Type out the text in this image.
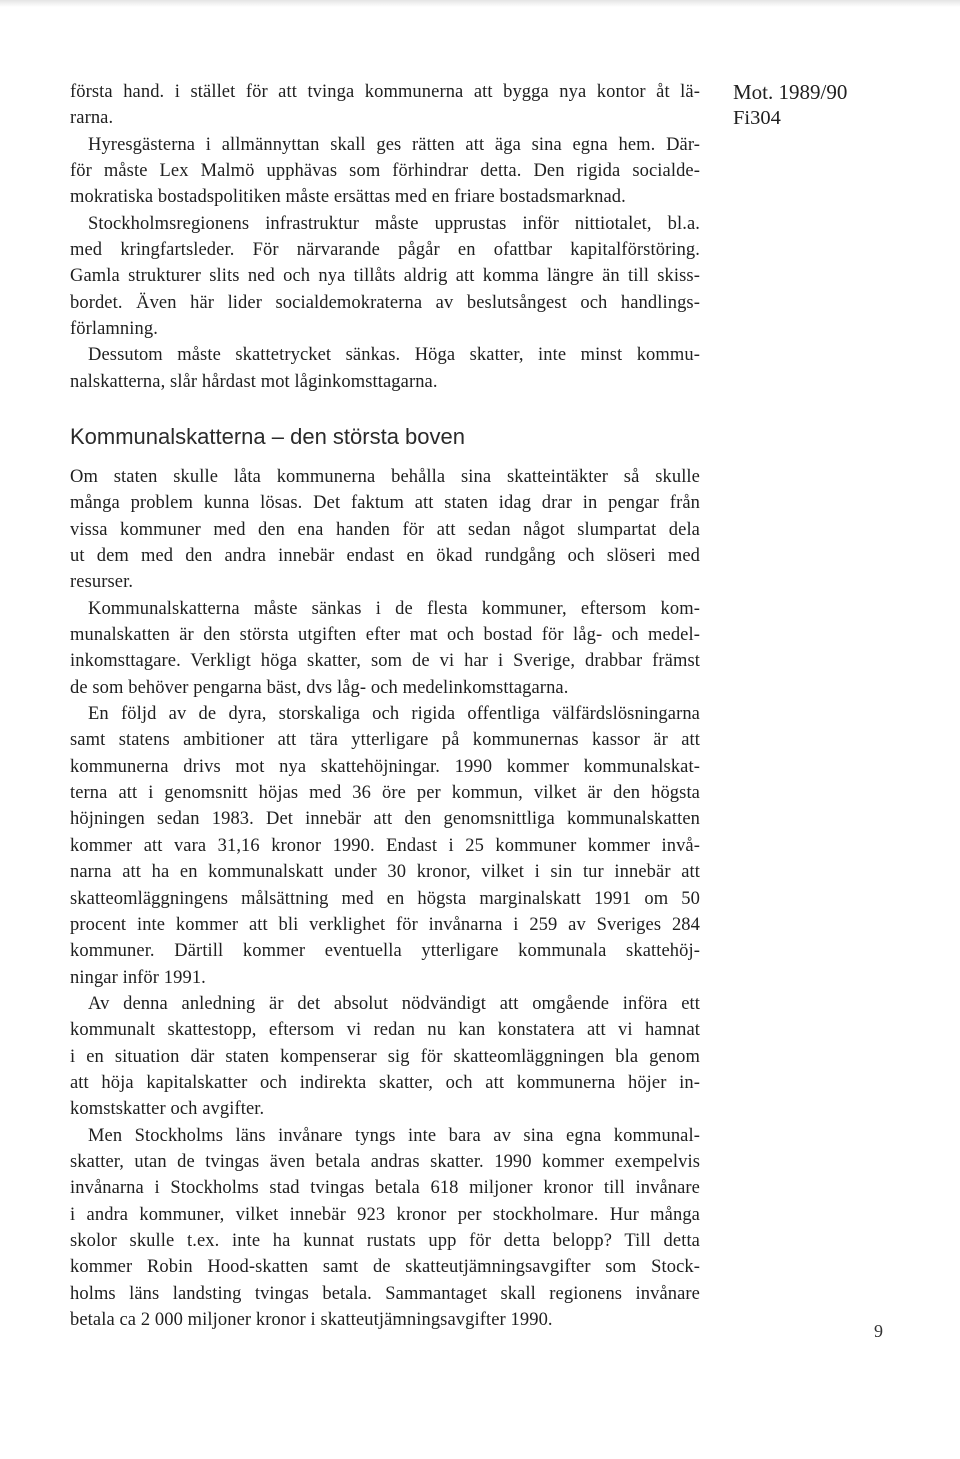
första hand. i stället för att tvinga kommunerna att bygga nya kontor åt lä-
rarna.
Hyresgästerna i allmännyttan skall ges rätten att äga sina egna hem. Där-
för måste Lex Malmö upphävas som förhindrar detta. Den rigida socialde-
mokratiska bostadspolitiken måste ersättas med en friare bostadsmarknad.
Stockholmsregionens infrastruktur måste upprustas inför nittiotalet, bl.a.
med kringfartsleder. För närvarande pågår en ofattbar kapitalförstöring.
Gamla strukturer slits ned och nya tillåts aldrig att komma längre än till skiss-
bordet. Även här lider socialdemokraterna av beslutsångest och handlings-
förlamning.
Dessutom måste skattetrycket sänkas. Höga skatter, inte minst kommu-
nalskatterna, slår hårdast mot låginkomsttagarna.
Kommunalskatterna – den största boven
Om staten skulle låta kommunerna behålla sina skatteintäkter så skulle
många problem kunna lösas. Det faktum att staten idag drar in pengar från
vissa kommuner med den ena handen för att sedan något slumpartat dela
ut dem med den andra innebär endast en ökad rundgång och slöseri med
resurser.
Kommunalskatterna måste sänkas i de flesta kommuner, eftersom kom-
munalskatten är den största utgiften efter mat och bostad för låg- och medel-
inkomsttagare. Verkligt höga skatter, som de vi har i Sverige, drabbar främst
de som behöver pengarna bäst, dvs låg- och medelinkomsttagarna.
En följd av de dyra, storskaliga och rigida offentliga välfärdslösningarna
samt statens ambitioner att tära ytterligare på kommunernas kassor är att
kommunerna drivs mot nya skattehöjningar. 1990 kommer kommunalskat-
terna att i genomsnitt höjas med 36 öre per kommun, vilket är den högsta
höjningen sedan 1983. Det innebär att den genomsnittliga kommunalskatten
kommer att vara 31,16 kronor 1990. Endast i 25 kommuner kommer invå-
narna att ha en kommunalskatt under 30 kronor, vilket i sin tur innebär att
skatteomläggningens målsättning med en högsta marginalskatt 1991 om 50
procent inte kommer att bli verklighet för invånarna i 259 av Sveriges 284
kommuner. Därtill kommer eventuella ytterligare kommunala skattehöj-
ningar inför 1991.
Av denna anledning är det absolut nödvändigt att omgående införa ett
kommunalt skattestopp, eftersom vi redan nu kan konstatera att vi hamnat
i en situation där staten kompenserar sig för skatteomläggningen bla genom
att höja kapitalskatter och indirekta skatter, och att kommunerna höjer in-
komstskatter och avgifter.
Men Stockholms läns invånare tyngs inte bara av sina egna kommunal-
skatter, utan de tvingas även betala andras skatter. 1990 kommer exempelvis
invånarna i Stockholms stad tvingas betala 618 miljoner kronor till invånare
i andra kommuner, vilket innebär 923 kronor per stockholmare. Hur många
skolor skulle t.ex. inte ha kunnat rustats upp för detta belopp? Till detta
kommer Robin Hood-skatten samt de skatteutjämningsavgifter som Stock-
holms läns landsting tvingas betala. Sammantaget skall regionens invånare
betala ca 2 000 miljoner kronor i skatteutjämningsavgifter 1990.
Mot. 1989/90
Fi304
9
